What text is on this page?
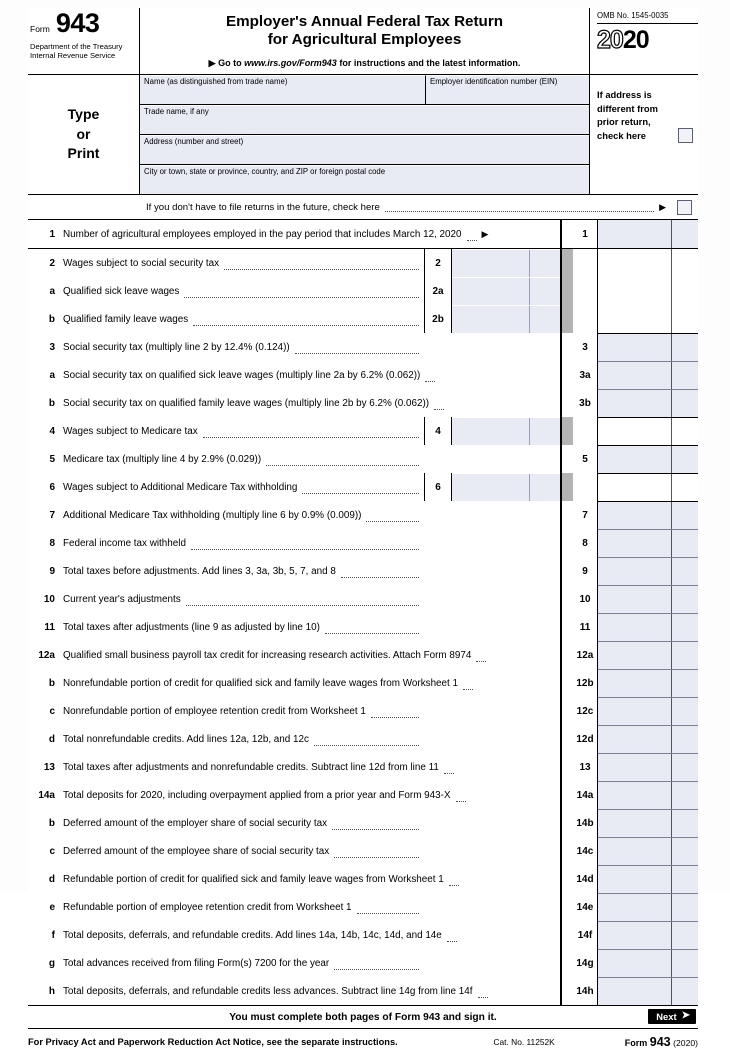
Form 943
Department of the Treasury
Internal Revenue Service
Employer's Annual Federal Tax Return
for Agricultural Employees
▶ Go to www.irs.gov/Form943 for instructions and the latest information.
OMB No. 1545-0035
2020
Type
or
Print
Name (as distinguished from trade name)	Employer identification number (EIN)
Trade name, if any
Address (number and street)
City or town, state or province, country, and ZIP or foreign postal code
If address is different from prior return, check here
If you don't have to file returns in the future, check here	▶
1 Number of agricultural employees employed in the pay period that includes March 12, 2020 ▶	1
2 Wages subject to social security tax	2
a Qualified sick leave wages	2a
b Qualified family leave wages	2b
3 Social security tax (multiply line 2 by 12.4% (0.124))	3
a Social security tax on qualified sick leave wages (multiply line 2a by 6.2% (0.062))	3a
b Social security tax on qualified family leave wages (multiply line 2b by 6.2% (0.062))	3b
4 Wages subject to Medicare tax	4
5 Medicare tax (multiply line 4 by 2.9% (0.029))	5
6 Wages subject to Additional Medicare Tax withholding	6
7 Additional Medicare Tax withholding (multiply line 6 by 0.9% (0.009))	7
8 Federal income tax withheld	8
9 Total taxes before adjustments. Add lines 3, 3a, 3b, 5, 7, and 8	9
10 Current year's adjustments	10
11 Total taxes after adjustments (line 9 as adjusted by line 10)	11
12a Qualified small business payroll tax credit for increasing research activities. Attach Form 8974	12a
b Nonrefundable portion of credit for qualified sick and family leave wages from Worksheet 1	12b
c Nonrefundable portion of employee retention credit from Worksheet 1	12c
d Total nonrefundable credits. Add lines 12a, 12b, and 12c	12d
13 Total taxes after adjustments and nonrefundable credits. Subtract line 12d from line 11	13
14a Total deposits for 2020, including overpayment applied from a prior year and Form 943-X	14a
b Deferred amount of the employer share of social security tax	14b
c Deferred amount of the employee share of social security tax	14c
d Refundable portion of credit for qualified sick and family leave wages from Worksheet 1	14d
e Refundable portion of employee retention credit from Worksheet 1	14e
f Total deposits, deferrals, and refundable credits. Add lines 14a, 14b, 14c, 14d, and 14e	14f
g Total advances received from filing Form(s) 7200 for the year	14g
h Total deposits, deferrals, and refundable credits less advances. Subtract line 14g from line 14f	14h
You must complete both pages of Form 943 and sign it.	Next ➤
For Privacy Act and Paperwork Reduction Act Notice, see the separate instructions.	Cat. No. 11252K	Form 943 (2020)
